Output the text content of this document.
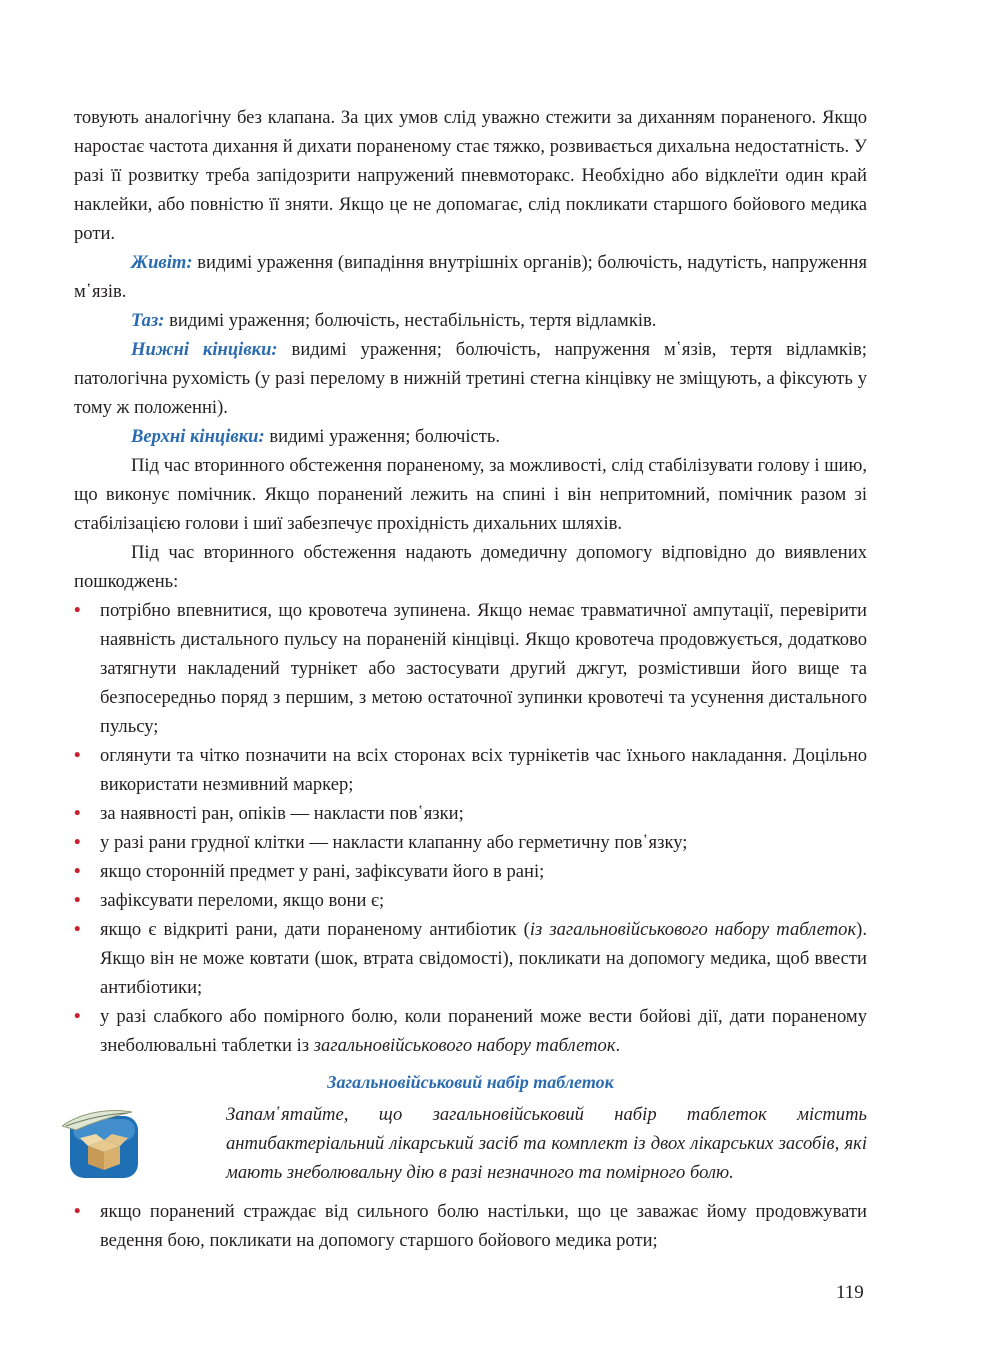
товують аналогічну без клапана. За цих умов слід уважно стежити за диханням пораненого. Якщо наростає частота дихання й дихати пораненому стає тяжко, розвивається дихальна недостатність. У разі її розвитку треба запідозрити напружений пневмоторакс. Необхідно або відклеїти один край наклейки, або повністю її зняти. Якщо це не допомагає, слід покликати старшого бойового медика роти.

Живіт: видимі ураження (випадіння внутрішніх органів); болючість, надутість, напруження м῾язів.

Таз: видимі ураження; болючість, нестабільність, тертя відламків.

Нижні кінцівки: видимі ураження; болючість, напруження м῾язів, тертя відламків; патологічна рухомість (у разі перелому в нижній третині стегна кінцівку не зміщують, а фіксують у тому ж положенні).

Верхні кінцівки: видимі ураження; болючість.

Під час вторинного обстеження пораненому, за можливості, слід стабілізувати голову і шию, що виконує помічник. Якщо поранений лежить на спині і він непритомний, помічник разом зі стабілізацією голови і шиї забезпечує прохідність дихальних шляхів.

Під час вторинного обстеження надають домедичну допомогу відповідно до виявлених пошкоджень:

• потрібно впевнитися, що кровотеча зупинена. Якщо немає травматичної ампутації, перевірити наявність дистального пульсу на пораненій кінцівці. Якщо кровотеча продовжується, додатково затягнути накладений турнікет або застосувати другий джгут, розмістивши його вище та безпосередньо поряд з першим, з метою остаточної зупинки кровотечі та усунення дистального пульсу;

• оглянути та чітко позначити на всіх сторонах всіх турнікетів час їхнього накладання. Доцільно використати незмивний маркер;

• за наявності ран, опіків — накласти пов῾язки;

• у разі рани грудної клітки — накласти клапанну або герметичну пов῾язку;

• якщо сторонній предмет у рані, зафіксувати його в рані;

• зафіксувати переломи, якщо вони є;

• якщо є відкриті рани, дати пораненому антибіотик (із загальновійськового набору таблеток). Якщо він не може ковтати (шок, втрата свідомості), покликати на допомогу медика, щоб ввести антибіотики;

• у разі слабкого або помірного болю, коли поранений може вести бойові дії, дати пораненому знеболювальні таблетки із загальновійськового набору таблеток.

Загальновійськовий набір таблеток

Запам῾ятайте, що загальновійськовий набір таблеток містить антибактеріальний лікарський засіб та комплект із двох лікарських засобів, які мають знеболювальну дію в разі незначного та помірного болю.

• якщо поранений страждає від сильного болю настільки, що це заважає йому продовжувати ведення бою, покликати на допомогу старшого бойового медика роти;

119
